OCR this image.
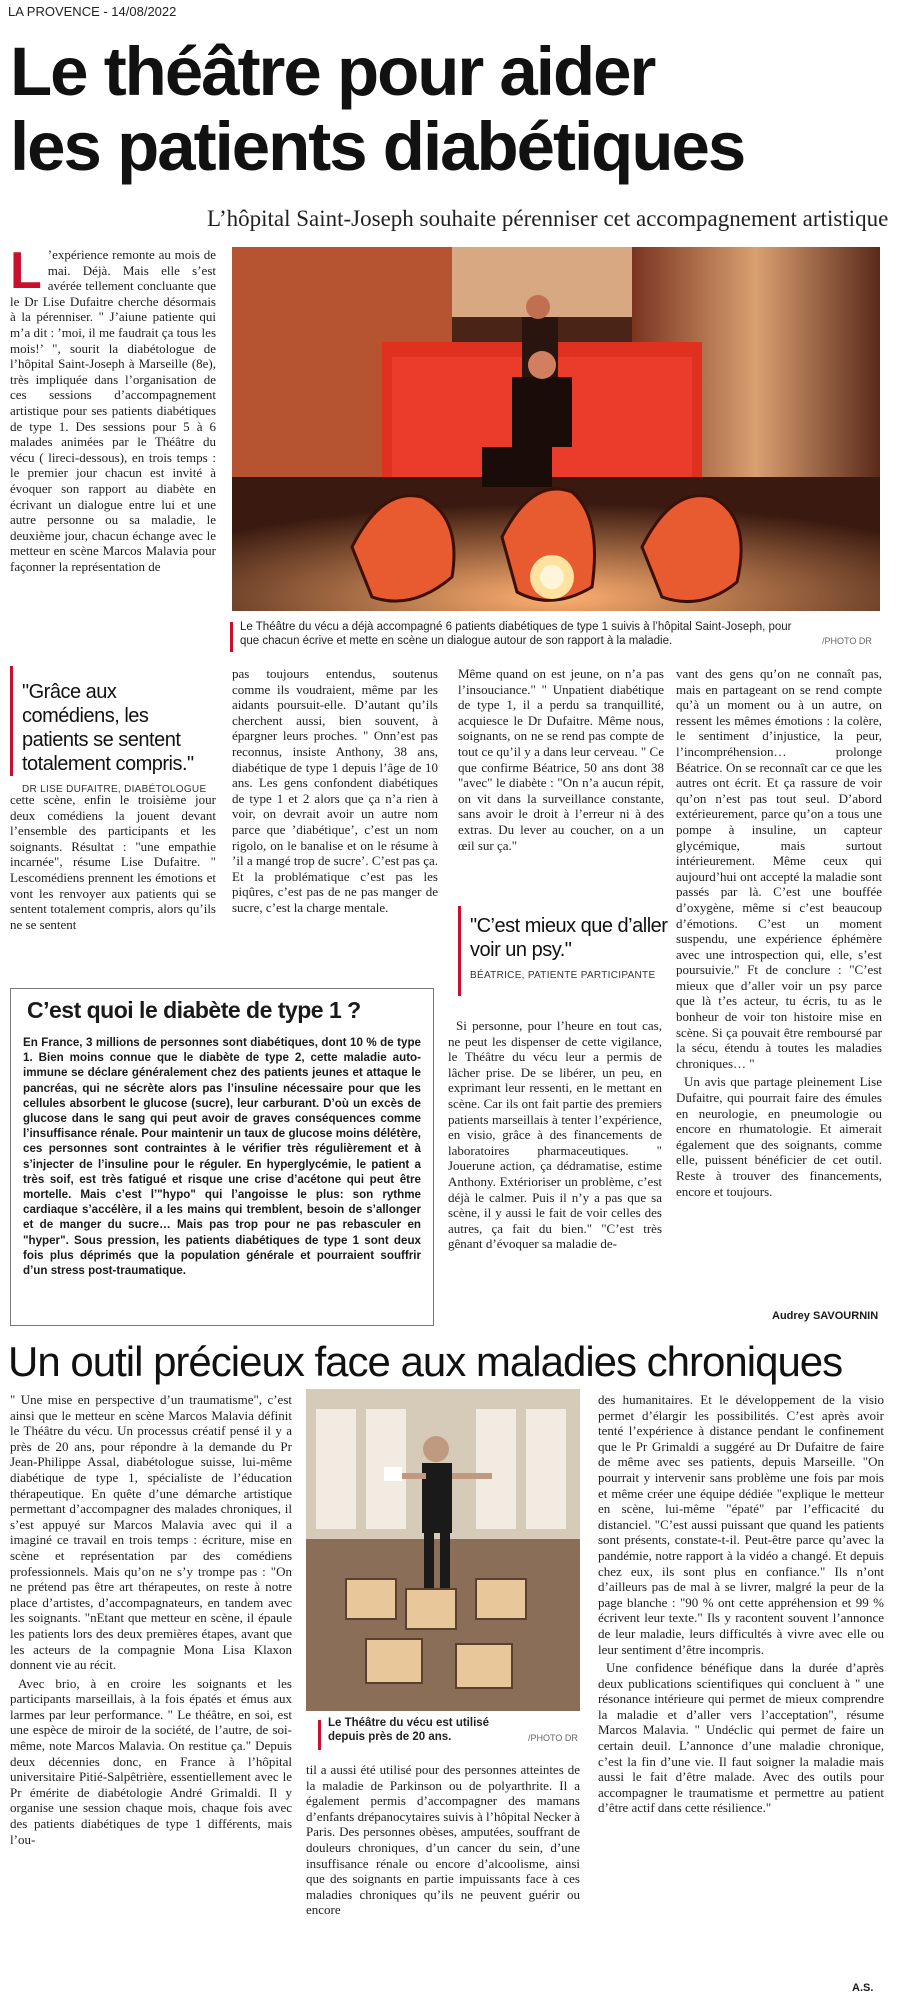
LA PROVENCE - 14/08/2022
Le théâtre pour aider
les patients diabétiques
L’hôpital Saint-Joseph souhaite pérenniser cet accompagnement artistique

L ’expérience remonte au mois de mai. Déjà. Mais elle s’est avérée tellement concluante que le Dr Lise Dufaitre cherche désormais à la pérenniser. " J’aiune patiente qui m’a dit : ’moi, il me faudrait ça tous les mois!’ ", sourit la diabétologue de l’hôpital Saint-Joseph à Marseille (8e), très impliquée dans l’organisation de ces sessions d’accompagnement artistique pour ses patients diabétiques de type 1. Des sessions pour 5 à 6 malades animées par le Théâtre du vécu ( lireci-dessous), en trois temps : le premier jour chacun est invité à évoquer son rapport au diabète en écrivant un dialogue entre lui et une autre personne ou sa maladie, le deuxième jour, chacun échange avec le metteur en scène Marcos Malavia pour façonner la représentation de

Le Théâtre du vécu a déjà accompagné 6 patients diabétiques de type 1 suivis à l’hôpital Saint-Joseph, pour que chacun écrive et mette en scène un dialogue autour de son rapport à la maladie.	/PHOTO DR
"Grâce aux comédiens, les patients se sentent totalement compris."
DR LISE DUFAITRE, DIABÉTOLOGUE

cette scène, enfin le troisième jour deux comédiens la jouent devant l’ensemble des participants et les soignants. Résultat : "une empathie incarnée", résume Lise Dufaitre. " Lescomédiens prennent les émotions et vont les renvoyer aux patients qui se sentent totalement compris, alors qu’ils ne se sentent

pas toujours entendus, soutenus comme ils voudraient, même par les aidants poursuit-elle. D’autant qu’ils cherchent aussi, bien souvent, à épargner leurs proches. " Onn’est pas reconnus, insiste Anthony, 38 ans, diabétique de type 1 depuis l’âge de 10 ans. Les gens confondent diabétiques de type 1 et 2 alors que ça n’a rien à voir, on devrait avoir un autre nom parce que ’diabétique’, c’est un nom rigolo, on le banalise et on le résume à ’il a mangé trop de sucre’. C’est pas ça. Et la problématique c’est pas les piqûres, c’est pas de ne pas manger de sucre, c’est la charge mentale.

Même quand on est jeune, on n’a pas l’insouciance." " Unpatient diabétique de type 1, il a perdu sa tranquillité, acquiesce le Dr Dufaitre. Même nous, soignants, on ne se rend pas compte de tout ce qu’il y a dans leur cerveau. " Ce que confirme Béatrice, 50 ans dont 38 "avec" le diabète : "On n’a aucun répit, on vit dans la surveillance constante, sans avoir le droit à l’erreur ni à des extras. Du lever au coucher, on a un œil sur ça."

"C’est mieux que d’aller voir un psy."
BÉATRICE, PATIENTE PARTICIPANTE

Si personne, pour l’heure en tout cas, ne peut les dispenser de cette vigilance, le Théâtre du vécu leur a permis de lâcher prise. De se libérer, un peu, en exprimant leur ressenti, en le mettant en scène. Car ils ont fait partie des premiers patients marseillais à tenter l’expérience, en visio, grâce à des financements de laboratoires pharmaceutiques. " Jouerune action, ça dédramatise, estime Anthony. Extérioriser un problème, c’est déjà le calmer. Puis il n’y a pas que sa scène, il y aussi le fait de voir celles des autres, ça fait du bien." "C’est très gênant d’évoquer sa maladie de-

vant des gens qu’on ne connaît pas, mais en partageant on se rend compte qu’à un moment ou à un autre, on ressent les mêmes émotions : la colère, le sentiment d’injustice, la peur, l’incompréhension… prolonge Béatrice. On se reconnaît car ce que les autres ont écrit. Et ça rassure de voir qu’on n’est pas tout seul. D’abord extérieurement, parce qu’on a tous une pompe à insuline, un capteur glycémique, mais surtout intérieurement. Même ceux qui aujourd’hui ont accepté la maladie sont passés par là. C’est une bouffée d’oxygène, même si c’est beaucoup d’émotions. C’est un moment suspendu, une expérience éphémère avec une introspection qui, elle, s’est poursuivie." Ft de conclure : "C’est mieux que d’aller voir un psy parce que là t’es acteur, tu écris, tu as le bonheur de voir ton histoire mise en scène. Si ça pouvait être remboursé par la sécu, étendu à toutes les maladies chroniques… "

Un avis que partage pleinement Lise Dufaitre, qui pourrait faire des émules en neurologie, en pneumologie ou encore en rhumatologie. Et aimerait également que des soignants, comme elle, puissent bénéficier de cet outil. Reste à trouver des financements, encore et toujours.

Audrey SAVOURNIN
C’est quoi le diabète de type 1 ?
En France, 3 millions de personnes sont diabétiques, dont 10 % de type 1. Bien moins connue que le diabète de type 2, cette maladie auto-immune se déclare généralement chez des patients jeunes et attaque le pancréas, qui ne sécrète alors pas l’insuline nécessaire pour que les cellules absorbent le glucose (sucre), leur carburant. D’où un excès de glucose dans le sang qui peut avoir de graves conséquences comme l’insuffisance rénale. Pour maintenir un taux de glucose moins délétère, ces personnes sont contraintes à le vérifier très régulièrement et à s’injecter de l’insuline pour le réguler. En hyperglycémie, le patient a très soif, est très fatigué et risque une crise d’acétone qui peut être mortelle. Mais c’est l’"hypo" qui l’angoisse le plus: son rythme cardiaque s’accélère, il a les mains qui tremblent, besoin de s’allonger et de manger du sucre… Mais pas trop pour ne pas rebasculer en "hyper". Sous pression, les patients diabétiques de type 1 sont deux fois plus déprimés que la population générale et pourraient souffrir d’un stress post-traumatique.
Un outil précieux face aux maladies chroniques

" Une mise en perspective d’un traumatisme", c’est ainsi que le metteur en scène Marcos Malavia définit le Théâtre du vécu. Un processus créatif pensé il y a près de 20 ans, pour répondre à la demande du Pr Jean-Philippe Assal, diabétologue suisse, lui-même diabétique de type 1, spécialiste de l’éducation thérapeutique. En quête d’une démarche artistique permettant d’accompagner des malades chroniques, il s’est appuyé sur Marcos Malavia avec qui il a imaginé ce travail en trois temps : écriture, mise en scène et représentation par des comédiens professionnels. Mais qu’on ne s’y trompe pas : "On ne prétend pas être art thérapeutes, on reste à notre place d’artistes, d’accompagnateurs, en tandem avec les soignants. "nEtant que metteur en scène, il épaule les patients lors des deux premières étapes, avant que les acteurs de la compagnie Mona Lisa Klaxon donnent vie au récit.

Avec brio, à en croire les soignants et les participants marseillais, à la fois épatés et émus aux larmes par leur performance. " Le théâtre, en soi, est une espèce de miroir de la société, de l’autre, de soi-même, note Marcos Malavia. On restitue ça." Depuis deux décennies donc, en France à l’hôpital universitaire Pitié-Salpêtrière, essentiellement avec le Pr émérite de diabétologie André Grimaldi. Il y organise une session chaque mois, chaque fois avec des patients diabétiques de type 1 différents, mais l’ou-

Le Théâtre du vécu est utilisé depuis près de 20 ans.	/PHOTO DR

til a aussi été utilisé pour des personnes atteintes de la maladie de Parkinson ou de polyarthrite. Il a également permis d’accompagner des mamans d’enfants drépanocytaires suivis à l’hôpital Necker à Paris. Des personnes obèses, amputées, souffrant de douleurs chroniques, d’un cancer du sein, d’une insuffisance rénale ou encore d’alcoolisme, ainsi que des soignants en partie impuissants face à ces maladies chroniques qu’ils ne peuvent guérir ou encore

des humanitaires. Et le développement de la visio permet d’élargir les possibilités. C’est après avoir tenté l’expérience à distance pendant le confinement que le Pr Grimaldi a suggéré au Dr Dufaitre de faire de même avec ses patients, depuis Marseille. "On pourrait y intervenir sans problème une fois par mois et même créer une équipe dédiée "explique le metteur en scène, lui-même "épaté" par l’efficacité du distanciel. "C’est aussi puissant que quand les patients sont présents, constate-t-il. Peut-être parce qu’avec la pandémie, notre rapport à la vidéo a changé. Et depuis chez eux, ils sont plus en confiance." Ils n’ont d’ailleurs pas de mal à se livrer, malgré la peur de la page blanche : "90 % ont cette appréhension et 99 % écrivent leur texte." Ils y racontent souvent l’annonce de leur maladie, leurs difficultés à vivre avec elle ou leur sentiment d’être incompris.

Une confidence bénéfique dans la durée d’après deux publications scientifiques qui concluent à " une résonance intérieure qui permet de mieux comprendre la maladie et d’aller vers l’acceptation", résume Marcos Malavia. " Undéclic qui permet de faire un certain deuil. L’annonce d’une maladie chronique, c’est la fin d’une vie. Il faut soigner la maladie mais aussi le fait d’être malade. Avec des outils pour accompagner le traumatisme et permettre au patient d’être actif dans cette résilience."

A.S.
